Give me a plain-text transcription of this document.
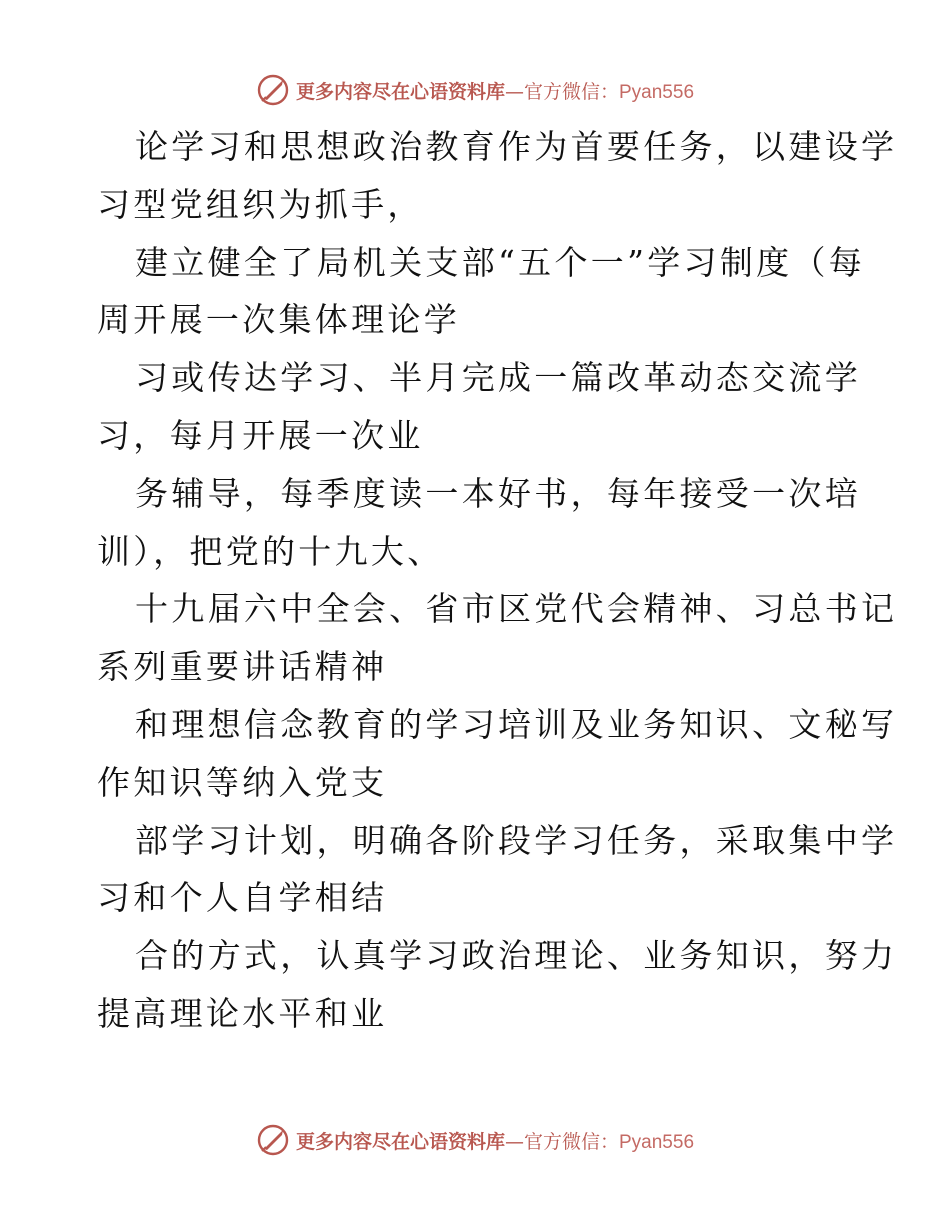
更多内容尽在心语资料库—官方微信：Pyan556
论学习和思想政治教育作为首要任务，以建设学
习型党组织为抓手，
建立健全了局机关支部“五个一”学习制度（每
周开展一次集体理论学
习或传达学习、半月完成一篇改革动态交流学
习，每月开展一次业
务辅导，每季度读一本好书，每年接受一次培
训），把党的十九大、
十九届六中全会、省市区党代会精神、习总书记
系列重要讲话精神
和理想信念教育的学习培训及业务知识、文秘写
作知识等纳入党支
部学习计划，明确各阶段学习任务，采取集中学
习和个人自学相结
合的方式，认真学习政治理论、业务知识，努力
提高理论水平和业
更多内容尽在心语资料库—官方微信：Pyan556
